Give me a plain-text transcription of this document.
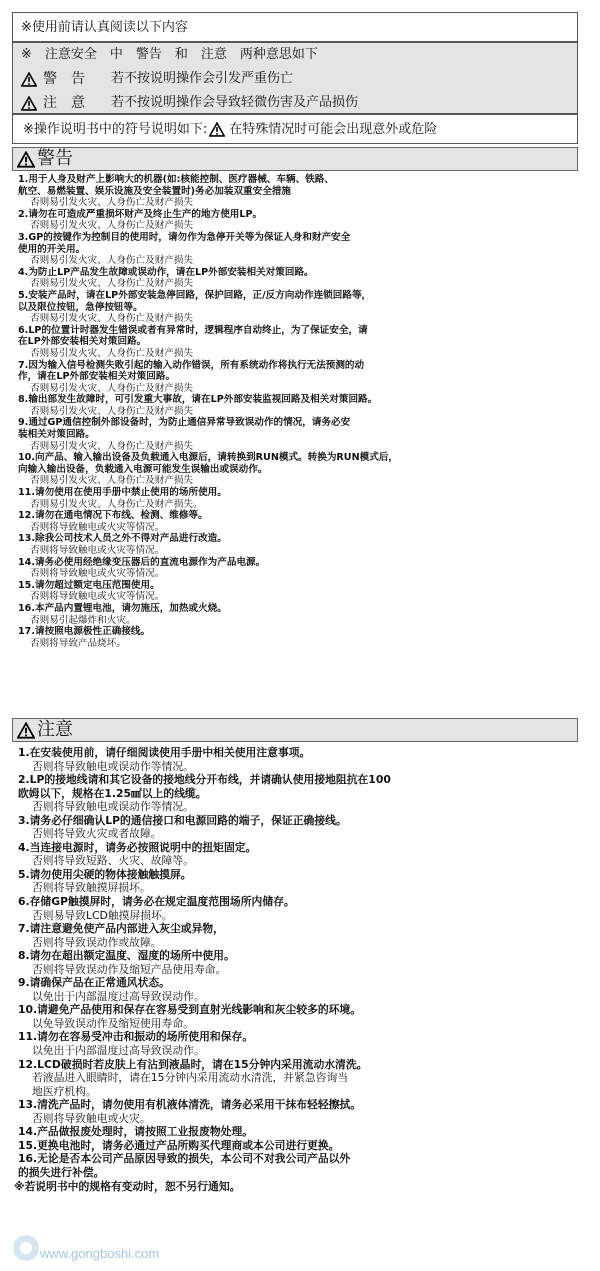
※使用前请认真阅读以下内容
※　注意安全　中　警告　和　注意　两种意思如下
警　告 若不按说明操作会引发严重伤亡
注　意 若不按说明操作会导致轻微伤害及产品损伤
※操作说明书中的符号说明如下: 在特殊情况时可能会出现意外或危险
警告
1.用于人身及财产上影响大的机器(如:核能控制、医疗器械、车辆、铁路、
航空、易燃装置、娱乐设施及安全装置时)务必加装双重安全措施
否则易引发火灾、人身伤亡及财产损失
2.请勿在可造成严重损坏财产及终止生产的地方使用LP。
否则易引发火灾、人身伤亡及财产损失
3.GP的按键作为控制目的使用时，请勿作为急停开关等为保证人身和财产安全
使用的开关用。
否则易引发火灾、人身伤亡及财产损失
4.为防止LP产品发生故障或误动作，请在LP外部安装相关对策回路。
否则易引发火灾、人身伤亡及财产损失
5.安装产品时，请在LP外部安装急停回路，保护回路，正/反方向动作连锁回路等，
以及限位按钮，急停按钮等。
否则易引发火灾、人身伤亡及财产损失
6.LP的位置计时器发生错误或者有异常时，逻辑程序自动终止，为了保证安全，请
在LP外部安装相关对策回路。
否则易引发火灾、人身伤亡及财产损失
7.因为输入信号检测失败引起的输入动作错误，所有系统动作将执行无法预测的动
作，请在LP外部安装相关对策回路。
否则易引发火灾、人身伤亡及财产损失
8.输出部发生故障时，可引发重大事故，请在LP外部安装监视回路及相关对策回路。
否则易引发火灾、人身伤亡及财产损失
9.通过GP通信控制外部设备时，为防止通信异常导致误动作的情况，请务必安
装相关对策回路。
否则易引发火灾、人身伤亡及财产损失
10.向产品、输入输出设备及负载通入电源后，请转换到RUN模式。转换为RUN模式后，
向输入输出设备，负载通入电源可能发生误输出或误动作。
否则易引发火灾、人身伤亡及财产损失
11.请勿使用在使用手册中禁止使用的场所使用。
否则易引发火灾、人身伤亡及财产损失。
12.请勿在通电情况下布线、检测、维修等。
否则将导致触电或火灾等情况。
13.除我公司技术人员之外不得对产品进行改造。
否则将导致触电或火灾等情况。
14.请务必使用经绝缘变压器后的直流电源作为产品电源。
否则将导致触电或火灾等情况。
15.请勿超过额定电压范围使用。
否则将导致触电或火灾等情况。
16.本产品内置锂电池，请勿施压，加热或火烧。
否则易引起爆炸和火灾。
17.请按照电源极性正确接线。
否则将导致产品烧坏。
注意
1.在安装使用前，请仔细阅读使用手册中相关使用注意事项。
否则将导致触电或误动作等情况。
2.LP的接地线请和其它设备的接地线分开布线，并请确认使用接地阻抗在100
欧姆以下，规格在1.25㎟以上的线缆。
否则将导致触电或误动作等情况。
3.请务必仔细确认LP的通信接口和电源回路的端子，保证正确接线。
否则将导致火灾或者故障。
4.当连接电源时，请务必按照说明中的扭矩固定。
否则将导致短路、火灾、故障等。
5.请勿使用尖硬的物体接触触摸屏。
否则将导致触摸屏损坏。
6.存储GP触摸屏时，请务必在规定温度范围场所内储存。
否则易导致LCD触摸屏损坏。
7.请注意避免使产品内部进入灰尘或异物，
否则将导致误动作或故障。
8.请勿在超出额定温度、湿度的场所中使用。
否则将导致误动作及缩短产品使用寿命。
9.请确保产品在正常通风状态。
以免出于内部温度过高导致误动作。
10.请避免产品使用和保存在容易受到直射光线影响和灰尘较多的环境。
以免导致误动作及缩短使用寿命。
11.请勿在容易受冲击和振动的场所使用和保存。
以免出于内部温度过高导致误动作。
12.LCD破损时若皮肤上有沾到液晶时，请在15分钟内采用流动水清洗。
若液晶进入眼睛时，请在15分钟内采用流动水清洗，并紧急咨询当
地医疗机构。
13.清洗产品时，请勿使用有机液体清洗，请务必采用干抹布轻轻擦拭。
否则将导致触电或火灾。
14.产品做报废处理时，请按照工业报废物处理。
15.更换电池时，请务必通过产品所购买代理商或本公司进行更换。
16.无论是否本公司产品原因导致的损失，本公司不对我公司产品以外
的损失进行补偿。
※若说明书中的规格有变动时，恕不另行通知。
www.gongboshi.com
